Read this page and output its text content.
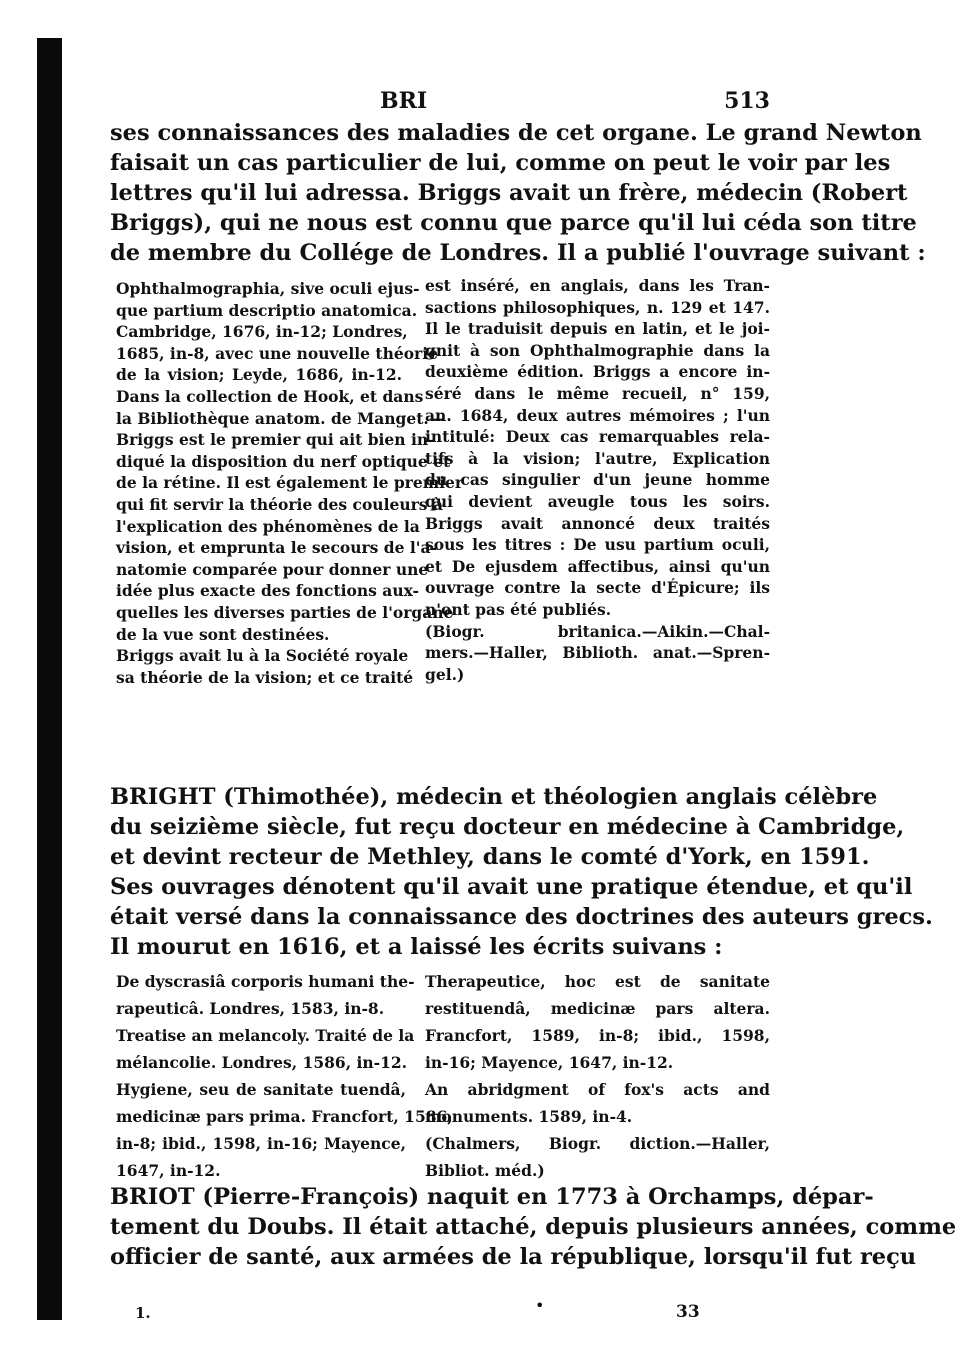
BRI	513
ses connaissances des maladies de cet organe. Le grand Newton
faisait un cas particulier de lui, comme on peut le voir par les
lettres qu'il lui adressa. Briggs avait un frère, médecin (Robert
Briggs), qui ne nous est connu que parce qu'il lui céda son titre
de membre du Collége de Londres. Il a publié l'ouvrage suivant :
Ophthalmographia, sive oculi ejus-
que partium descriptio anatomica.
Cambridge, 1676, in-12; Londres,
1685, in-8, avec une nouvelle théorie
de la vision; Leyde, 1686, in-12.
Dans la collection de Hook, et dans
la Bibliothèque anatom. de Manget.—
Briggs est le premier qui ait bien in-
diqué la disposition du nerf optique et
de la rétine. Il est également le premier
qui fit servir la théorie des couleurs à
l'explication des phénomènes de la
vision, et emprunta le secours de l'a-
natomie comparée pour donner une
idée plus exacte des fonctions aux-
quelles les diverses parties de l'organe
de la vue sont destinées.
Briggs avait lu à la Société royale
sa théorie de la vision; et ce traité
est inséré, en anglais, dans les Tran-
sactions philosophiques, n. 129 et 147.
Il le traduisit depuis en latin, et le joi-
gnit à son Ophthalmographie dans la
deuxième édition. Briggs a encore in-
séré dans le même recueil, n° 159,
an. 1684, deux autres mémoires ; l'un
intitulé: Deux cas remarquables rela-
tifs à la vision; l'autre, Explication
du cas singulier d'un jeune homme
qui devient aveugle tous les soirs.
Briggs avait annoncé deux traités
sous les titres : De usu partium oculi,
et De ejusdem affectibus, ainsi qu'un
ouvrage contre la secte d'Épicure; ils
n'ont pas été publiés.
(Biogr. britanica.—Aikin.—Chal-
mers.—Haller, Biblioth. anat.—Spren-
gel.)
BRIGHT (Thimothée), médecin et théologien anglais célèbre
du seizième siècle, fut reçu docteur en médecine à Cambridge,
et devint recteur de Methley, dans le comté d'York, en 1591.
Ses ouvrages dénotent qu'il avait une pratique étendue, et qu'il
était versé dans la connaissance des doctrines des auteurs grecs.
Il mourut en 1616, et a laissé les écrits suivans :
De dyscrasiâ corporis humani the-
rapeuticâ. Londres, 1583, in-8.
Treatise an melancoly. Traité de la
mélancolie. Londres, 1586, in-12.
Hygiene, seu de sanitate tuendâ,
medicinæ pars prima. Francfort, 1586,
in-8; ibid., 1598, in-16; Mayence,
1647, in-12.
Therapeutice, hoc est de sanitate
restituendâ, medicinæ pars altera.
Francfort, 1589, in-8; ibid., 1598,
in-16; Mayence, 1647, in-12.
An abridgment of fox's acts and
monuments. 1589, in-4.
(Chalmers, Biogr. diction.—Haller,
Bibliot. méd.)
BRIOT (Pierre-François) naquit en 1773 à Orchamps, dépar-
tement du Doubs. Il était attaché, depuis plusieurs années, comme
officier de santé, aux armées de la république, lorsqu'il fut reçu
1.	•	33
